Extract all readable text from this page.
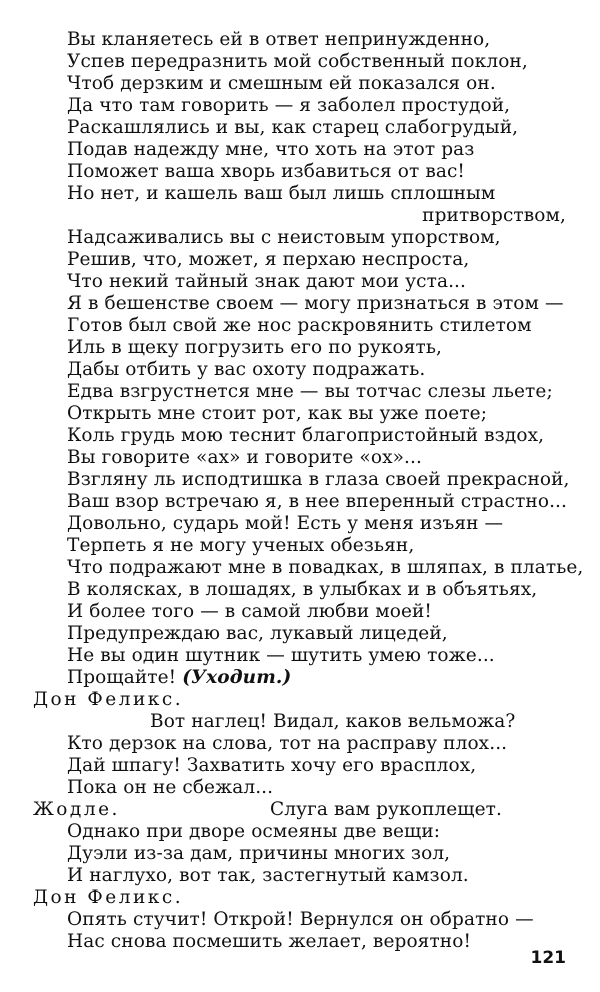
Вы кланяетесь ей в ответ непринужденно,
Успев передразнить мой собственный поклон,
Чтоб дерзким и смешным ей показался он.
Да что там говорить — я заболел простудой,
Раскашлялись и вы, как старец слабогрудый,
Подав надежду мне, что хоть на этот раз
Поможет ваша хворь избавиться от вас!
Но нет, и кашель ваш был лишь сплошным
притворством,
Надсаживались вы с неистовым упорством,
Решив, что, может, я перхаю неспроста,
Что некий тайный знак дают мои уста...
Я в бешенстве своем — могу признаться в этом —
Готов был свой же нос раскровянить стилетом
Иль в щеку погрузить его по рукоять,
Дабы отбить у вас охоту подражать.
Едва взгрустнется мне — вы тотчас слезы льете;
Открыть мне стоит рот, как вы уже поете;
Коль грудь мою теснит благопристойный вздох,
Вы говорите «ах» и говорите «ох»...
Взгляну ль исподтишка в глаза своей прекрасной,
Ваш взор встречаю я, в нее вперенный страстно...
Довольно, сударь мой! Есть у меня изъян —
Терпеть я не могу ученых обезьян,
Что подражают мне в повадках, в шляпах, в платье,
В колясках, в лошадях, в улыбках и в объятьях,
И более того — в самой любви моей!
Предупреждаю вас, лукавый лицедей,
Не вы один шутник — шутить умею тоже...
Прощайте! (Уходит.)
Дон Феликс.
Вот наглец! Видал, каков вельможа?
Кто дерзок на слова, тот на расправу плох...
Дай шпагу! Захватить хочу его врасплох,
Пока он не сбежал...
Жодле.	Слуга вам рукоплещет.
Однако при дворе осмеяны две вещи:
Дуэли из-за дам, причины многих зол,
И наглухо, вот так, застегнутый камзол.
Дон Феликс.
Опять стучит! Открой! Вернулся он обратно —
Нас снова посмешить желает, вероятно!
121
